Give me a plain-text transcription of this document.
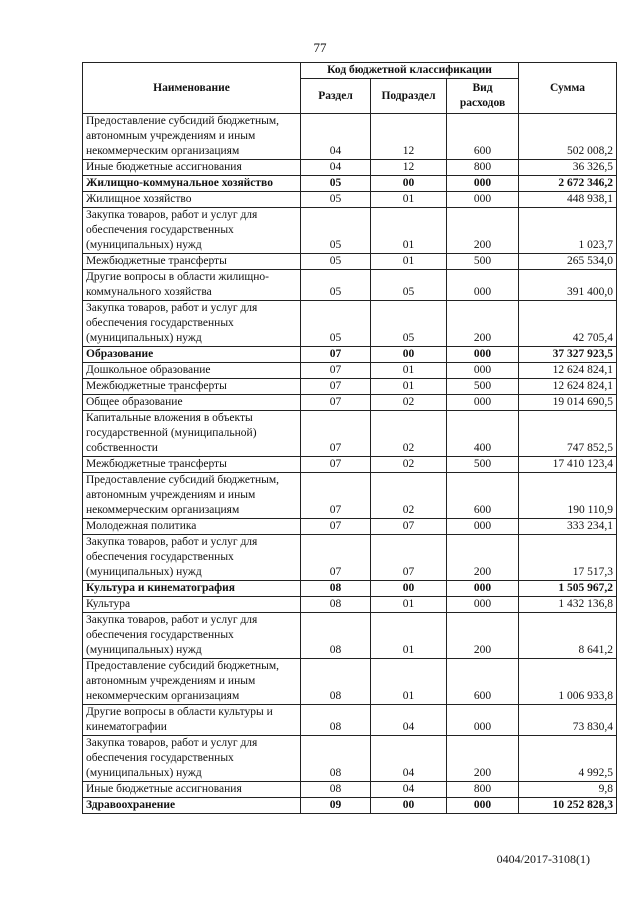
77
Наименование	Код бюджетной классификации			Сумма
	Раздел	Подраздел	Вид расходов	
Предоставление субсидий бюджетным, автономным учреждениям и иным некоммерческим организациям	04	12	600	502 008,2
Иные бюджетные ассигнования	04	12	800	36 326,5
Жилищно-коммунальное хозяйство	05	00	000	2 672 346,2
Жилищное хозяйство	05	01	000	448 938,1
Закупка товаров, работ и услуг для обеспечения государственных (муниципальных) нужд	05	01	200	1 023,7
Межбюджетные трансферты	05	01	500	265 534,0
Другие вопросы в области жилищно-коммунального хозяйства	05	05	000	391 400,0
Закупка товаров, работ и услуг для обеспечения государственных (муниципальных) нужд	05	05	200	42 705,4
Образование	07	00	000	37 327 923,5
Дошкольное образование	07	01	000	12 624 824,1
Межбюджетные трансферты	07	01	500	12 624 824,1
Общее образование	07	02	000	19 014 690,5
Капитальные вложения в объекты государственной (муниципальной) собственности	07	02	400	747 852,5
Межбюджетные трансферты	07	02	500	17 410 123,4
Предоставление субсидий бюджетным, автономным учреждениям и иным некоммерческим организациям	07	02	600	190 110,9
Молодежная политика	07	07	000	333 234,1
Закупка товаров, работ и услуг для обеспечения государственных (муниципальных) нужд	07	07	200	17 517,3
Культура и кинематография	08	00	000	1 505 967,2
Культура	08	01	000	1 432 136,8
Закупка товаров, работ и услуг для обеспечения государственных (муниципальных) нужд	08	01	200	8 641,2
Предоставление субсидий бюджетным, автономным учреждениям и иным некоммерческим организациям	08	01	600	1 006 933,8
Другие вопросы в области культуры и кинематографии	08	04	000	73 830,4
Закупка товаров, работ и услуг для обеспечения государственных (муниципальных) нужд	08	04	200	4 992,5
Иные бюджетные ассигнования	08	04	800	9,8
Здравоохранение	09	00	000	10 252 828,3
0404/2017-3108(1)
